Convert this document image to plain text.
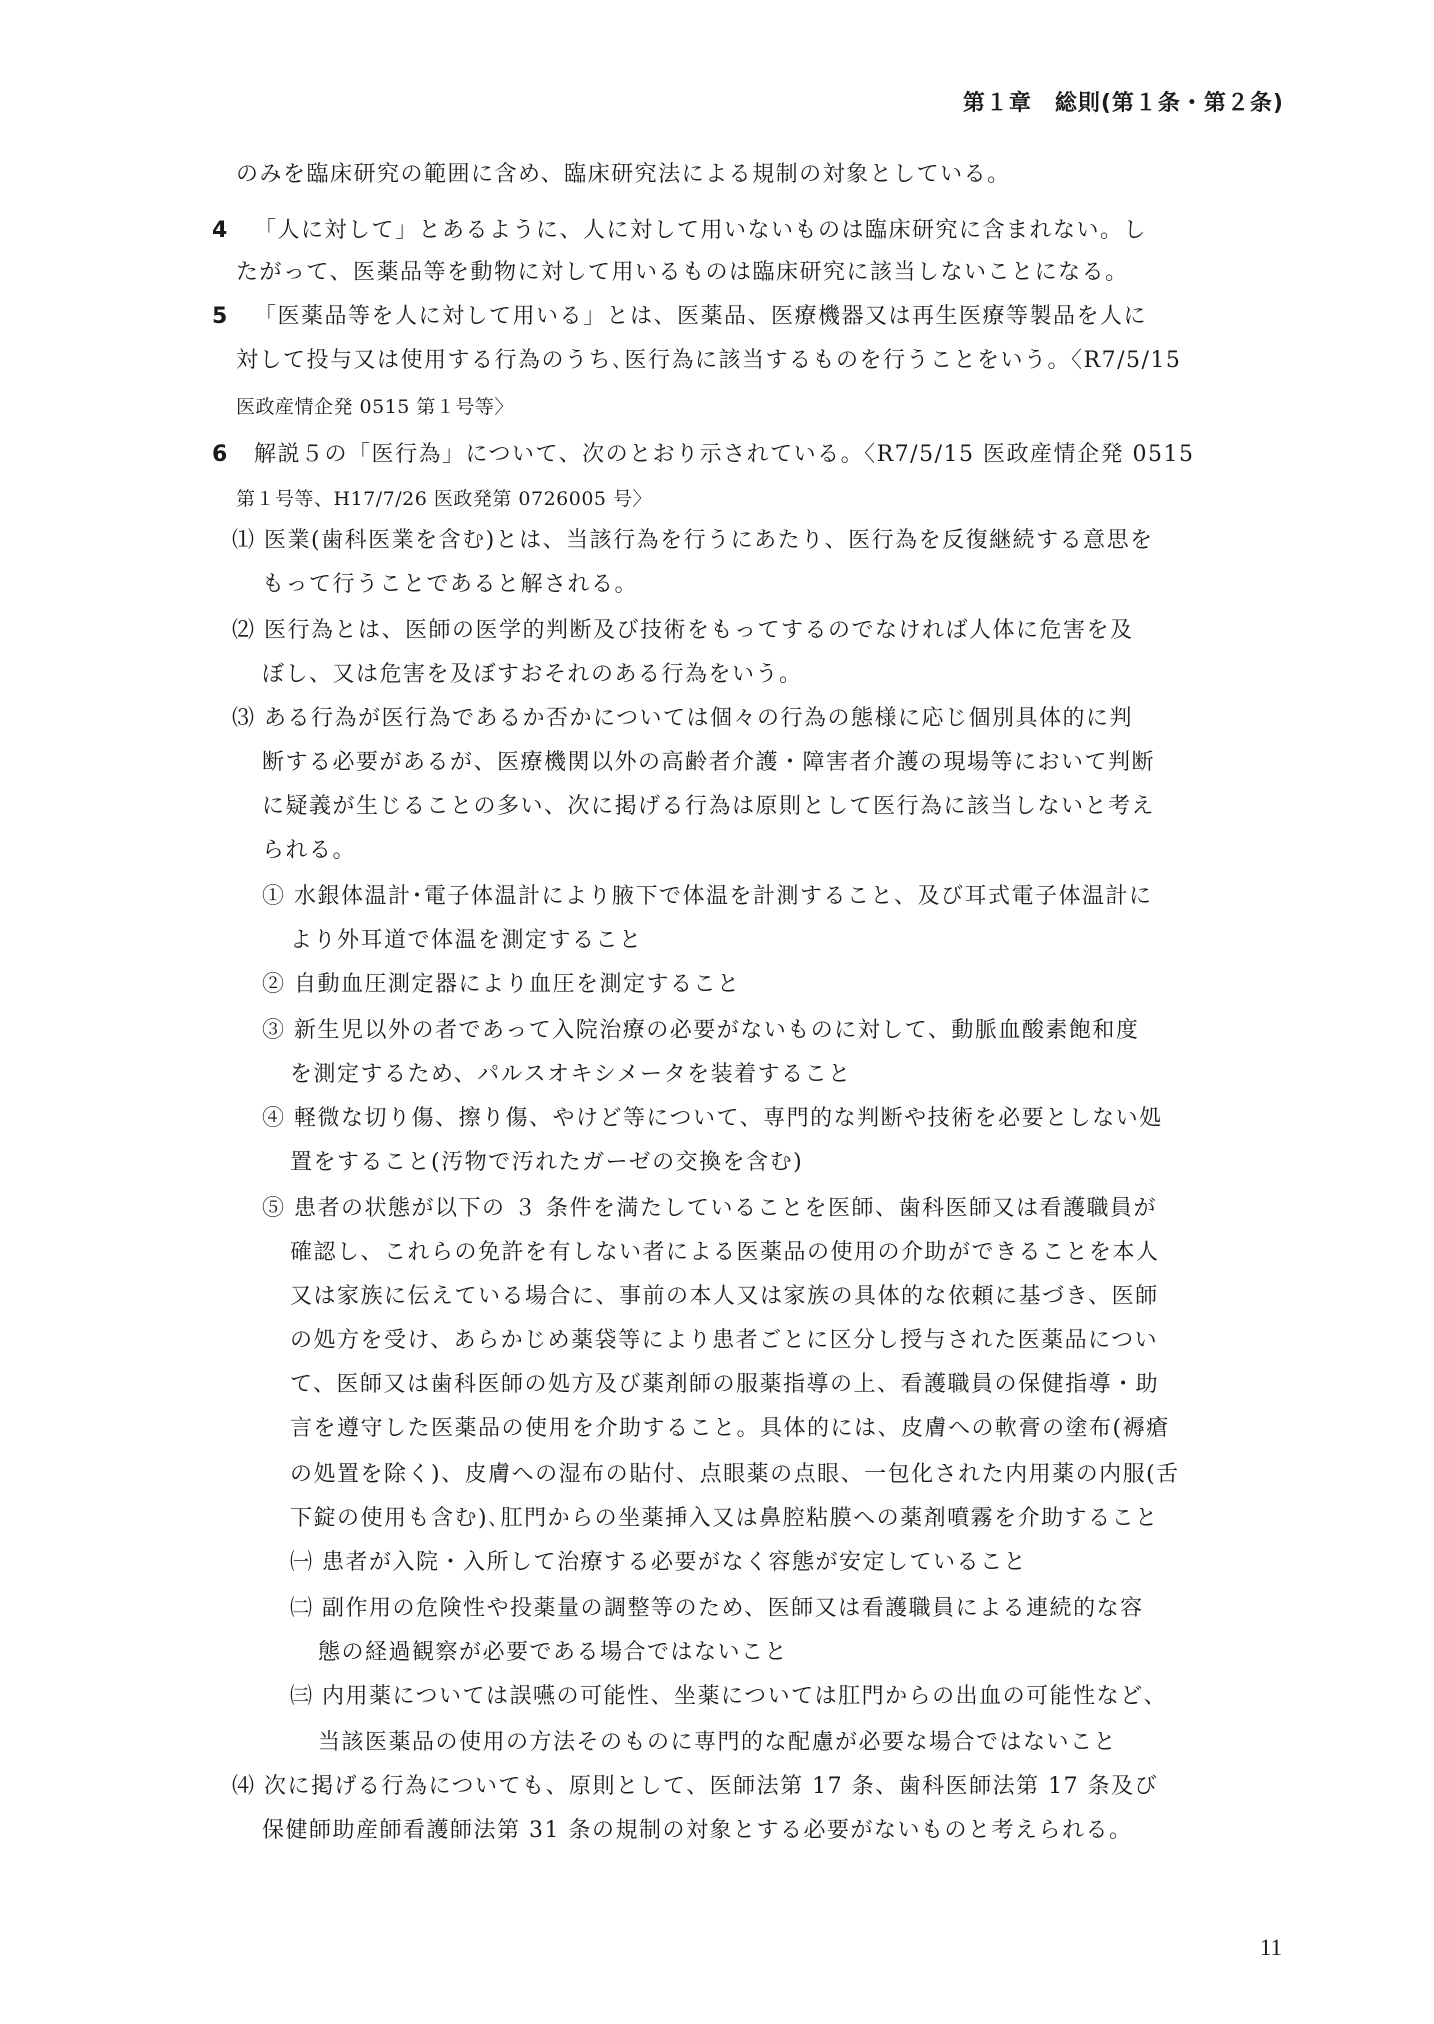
第１章　総則(第１条・第２条)
のみを臨床研究の範囲に含め、臨床研究法による規制の対象としている。
4 「人に対して」とあるように、人に対して用いないものは臨床研究に含まれない。し
たがって、医薬品等を動物に対して用いるものは臨床研究に該当しないことになる。
5 「医薬品等を人に対して用いる」とは、医薬品、医療機器又は再生医療等製品を人に
対して投与又は使用する行為のうち､医行為に該当するものを行うことをいう。〈R7/5/15
医政産情企発 0515 第１号等〉
6 解説５の「医行為」について、次のとおり示されている。〈R7/5/15 医政産情企発 0515
第１号等、H17/7/26 医政発第 0726005 号〉
⑴ 医業(歯科医業を含む)とは、当該行為を行うにあたり、医行為を反復継続する意思を
もって行うことであると解される。
⑵ 医行為とは、医師の医学的判断及び技術をもってするのでなければ人体に危害を及
ぼし、又は危害を及ぼすおそれのある行為をいう。
⑶ ある行為が医行為であるか否かについては個々の行為の態様に応じ個別具体的に判
断する必要があるが、医療機関以外の高齢者介護・障害者介護の現場等において判断
に疑義が生じることの多い、次に掲げる行為は原則として医行為に該当しないと考え
られる。
① 水銀体温計･電子体温計により腋下で体温を計測すること、及び耳式電子体温計に
より外耳道で体温を測定すること
② 自動血圧測定器により血圧を測定すること
③ 新生児以外の者であって入院治療の必要がないものに対して、動脈血酸素飽和度
を測定するため、パルスオキシメータを装着すること
④ 軽微な切り傷、擦り傷、やけど等について、専門的な判断や技術を必要としない処
置をすること(汚物で汚れたガーゼの交換を含む)
⑤ 患者の状態が以下の ３ 条件を満たしていることを医師、歯科医師又は看護職員が
確認し、これらの免許を有しない者による医薬品の使用の介助ができることを本人
又は家族に伝えている場合に、事前の本人又は家族の具体的な依頼に基づき、医師
の処方を受け、あらかじめ薬袋等により患者ごとに区分し授与された医薬品につい
て、医師又は歯科医師の処方及び薬剤師の服薬指導の上、看護職員の保健指導・助
言を遵守した医薬品の使用を介助すること。具体的には、皮膚への軟膏の塗布(褥瘡
の処置を除く)、皮膚への湿布の貼付、点眼薬の点眼、一包化された内用薬の内服(舌
下錠の使用も含む)､肛門からの坐薬挿入又は鼻腔粘膜への薬剤噴霧を介助すること
㈠ 患者が入院・入所して治療する必要がなく容態が安定していること
㈡ 副作用の危険性や投薬量の調整等のため、医師又は看護職員による連続的な容
態の経過観察が必要である場合ではないこと
㈢ 内用薬については誤嚥の可能性、坐薬については肛門からの出血の可能性など、
当該医薬品の使用の方法そのものに専門的な配慮が必要な場合ではないこと
⑷ 次に掲げる行為についても、原則として、医師法第 17 条、歯科医師法第 17 条及び
保健師助産師看護師法第 31 条の規制の対象とする必要がないものと考えられる。
11
